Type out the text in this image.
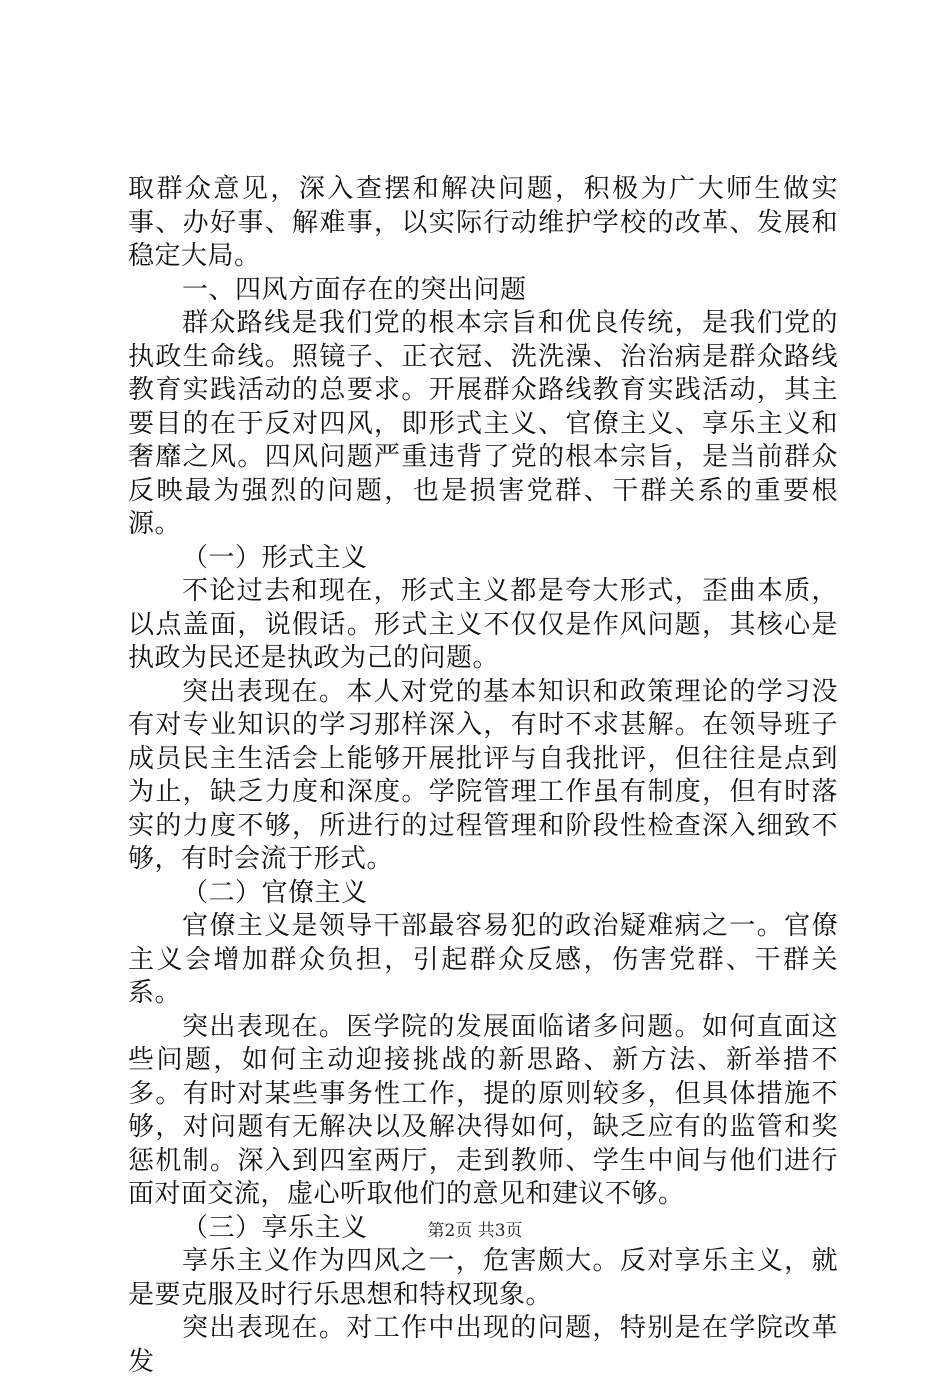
取群众意见，深入查摆和解决问题，积极为广大师生做实事、办好事、解难事，以实际行动维护学校的改革、发展和稳定大局。

一、四风方面存在的突出问题

群众路线是我们党的根本宗旨和优良传统，是我们党的执政生命线。照镜子、正衣冠、洗洗澡、治治病是群众路线教育实践活动的总要求。开展群众路线教育实践活动，其主要目的在于反对四风，即形式主义、官僚主义、享乐主义和奢靡之风。四风问题严重违背了党的根本宗旨，是当前群众反映最为强烈的问题，也是损害党群、干群关系的重要根源。

（一）形式主义

不论过去和现在，形式主义都是夸大形式，歪曲本质，以点盖面，说假话。形式主义不仅仅是作风问题，其核心是执政为民还是执政为己的问题。

突出表现在。本人对党的基本知识和政策理论的学习没有对专业知识的学习那样深入，有时不求甚解。在领导班子成员民主生活会上能够开展批评与自我批评，但往往是点到为止，缺乏力度和深度。学院管理工作虽有制度，但有时落实的力度不够，所进行的过程管理和阶段性检查深入细致不够，有时会流于形式。

（二）官僚主义

官僚主义是领导干部最容易犯的政治疑难病之一。官僚主义会增加群众负担，引起群众反感，伤害党群、干群关系。

突出表现在。医学院的发展面临诸多问题。如何直面这些问题，如何主动迎接挑战的新思路、新方法、新举措不多。有时对某些事务性工作，提的原则较多，但具体措施不够，对问题有无解决以及解决得如何，缺乏应有的监管和奖惩机制。深入到四室两厅，走到教师、学生中间与他们进行面对面交流，虚心听取他们的意见和建议不够。

（三）享乐主义

享乐主义作为四风之一，危害颇大。反对享乐主义，就是要克服及时行乐思想和特权现象。

突出表现在。对工作中出现的问题，特别是在学院改革发

第2页 共3页
